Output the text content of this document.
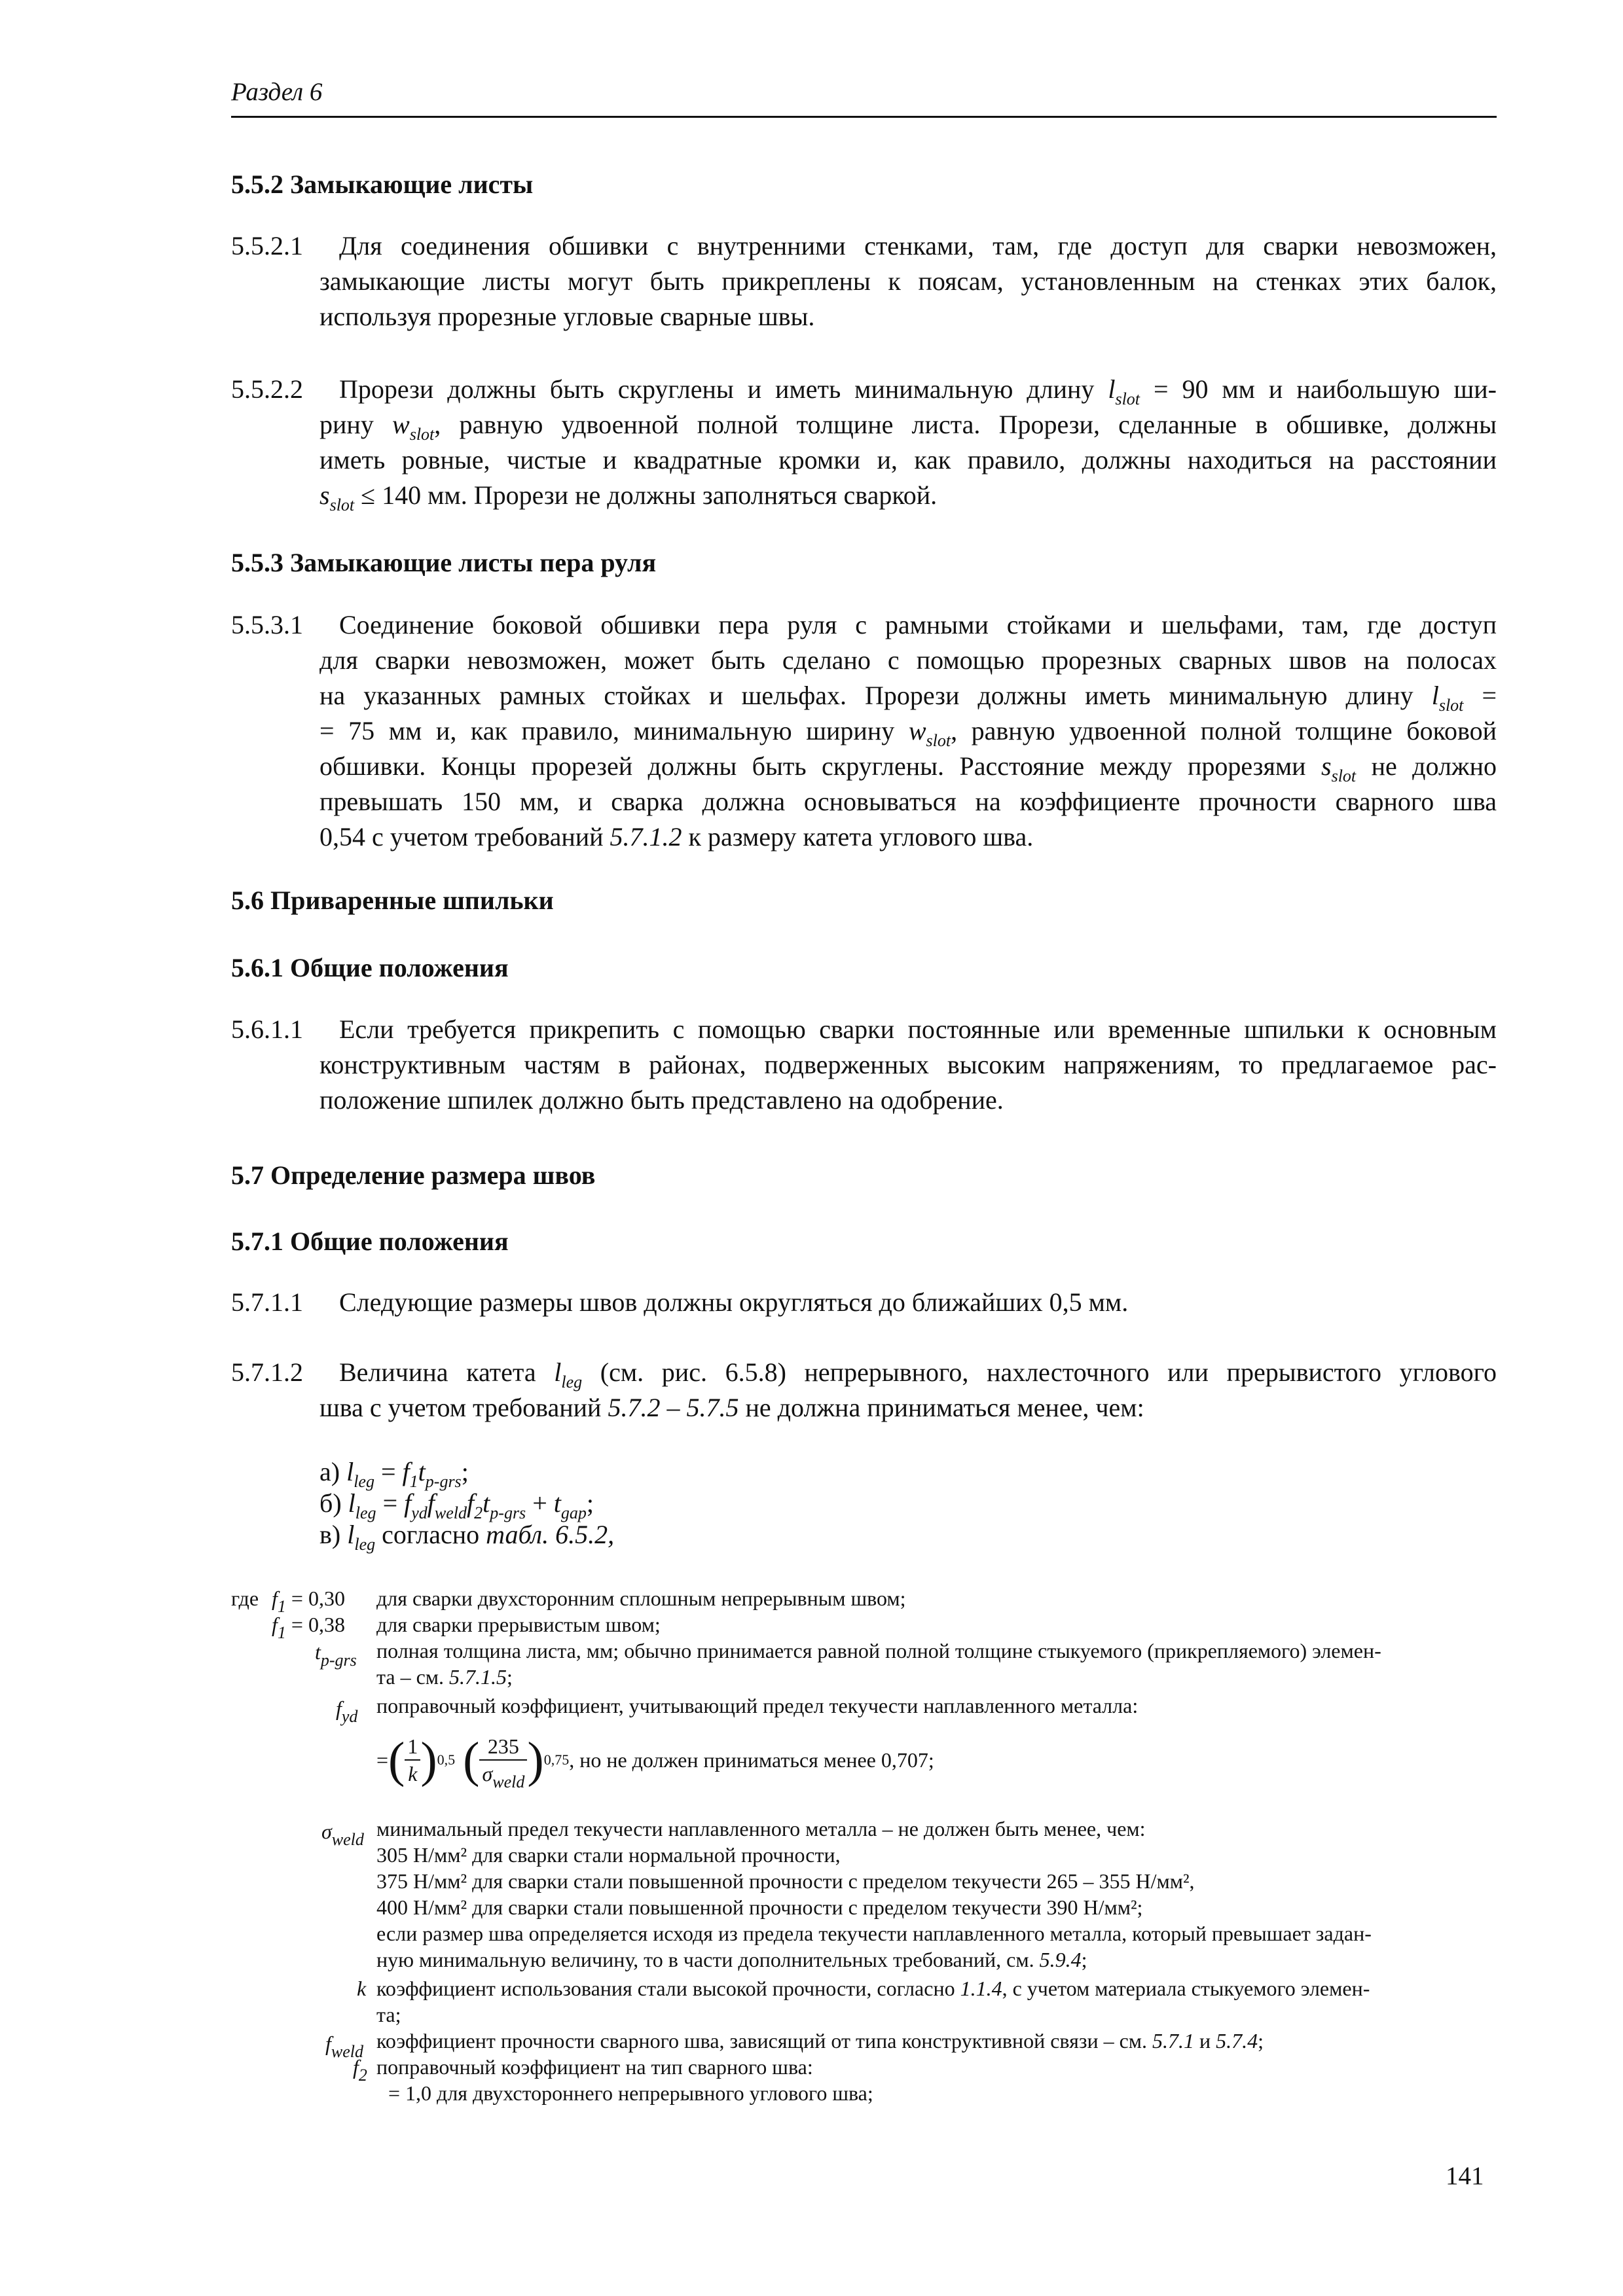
Раздел 6
5.5.2 Замыкающие листы
5.5.2.1 Для соединения обшивки с внутренними стенками, там, где доступ для сварки невозможен,
замыкающие листы могут быть прикреплены к поясам, установленным на стенках этих балок,
используя прорезные угловые сварные швы.
5.5.2.2 Прорези должны быть скруглены и иметь минимальную длину $l_{slot} = 90$ мм и наибольшую ши-
рину $w_{slot}$, равную удвоенной полной толщине листа. Прорези, сделанные в обшивке, должны
иметь ровные, чистые и квадратные кромки и, как правило, должны находиться на расстоянии
$s_{slot} \le 140$ мм. Прорези не должны заполняться сваркой.
5.5.3 Замыкающие листы пера руля
5.5.3.1 Соединение боковой обшивки пера руля с рамными стойками и шельфами, там, где доступ
для сварки невозможен, может быть сделано с помощью прорезных сварных швов на полосах
на указанных рамных стойках и шельфах. Прорези должны иметь минимальную длину $l_{slot}$ =
= 75 мм и, как правило, минимальную ширину $w_{slot}$, равную удвоенной полной толщине боковой
обшивки. Концы прорезей должны быть скруглены. Расстояние между прорезями $s_{slot}$ не должно
превышать 150 мм, и сварка должна основываться на коэффициенте прочности сварного шва
0,54 с учетом требований 5.7.1.2 к размеру катета углового шва.
5.6 Приваренные шпильки
5.6.1 Общие положения
5.6.1.1 Если требуется прикрепить с помощью сварки постоянные или временные шпильки к основным
конструктивным частям в районах, подверженных высоким напряжениям, то предлагаемое рас-
положение шпилек должно быть представлено на одобрение.
5.7 Определение размера швов
5.7.1 Общие положения
5.7.1.1 Следующие размеры швов должны округляться до ближайших 0,5 мм.
5.7.1.2 Величина катета $l_{leg}$ (см. рис. 6.5.8) непрерывного, нахлесточного или прерывистого углового
шва с учетом требований 5.7.2 – 5.7.5 не должна приниматься менее, чем:
а) $l_{leg} = f_1t_{p-grs}$;
б) $l_{leg} = f_{yd}f_{weld}f_2t_{p-grs} + t_{gap}$;
в) $l_{leg}$ согласно табл. 6.5.2,
где $f_1 = 0,30$ для сварки двухсторонним сплошным непрерывным швом;
$f_1 = 0,38$ для сварки прерывистым швом;
$t_{p-grs}$ полная толщина листа, мм; обычно принимается равной полной толщине стыкуемого (прикрепляемого) элемен-
та – см. 5.7.1.5;
$f_{yd}$ поправочный коэффициент, учитывающий предел текучести наплавленного металла:
= ( $\frac{1}{k}$ ) 0,5 ( $\frac{235}{\sigma_{weld}}$ ) 0,75 , но не должен приниматься менее 0,707;
$\sigma_{weld}$ минимальный предел текучести наплавленного металла – не должен быть менее, чем:
305 Н/мм² для сварки стали нормальной прочности,
375 Н/мм² для сварки стали повышенной прочности с пределом текучести 265 – 355 Н/мм²,
400 Н/мм² для сварки стали повышенной прочности с пределом текучести 390 Н/мм²;
если размер шва определяется исходя из предела текучести наплавленного металла, который превышает задан-
ную минимальную величину, то в части дополнительных требований, см. 5.9.4;
k коэффициент использования стали высокой прочности, согласно 1.1.4, с учетом материала стыкуемого элемен-
та;
$f_{weld}$ коэффициент прочности сварного шва, зависящий от типа конструктивной связи – см. 5.7.1 и 5.7.4;
$f_2$ поправочный коэффициент на тип сварного шва:
= 1,0 для двухстороннего непрерывного углового шва;
141
